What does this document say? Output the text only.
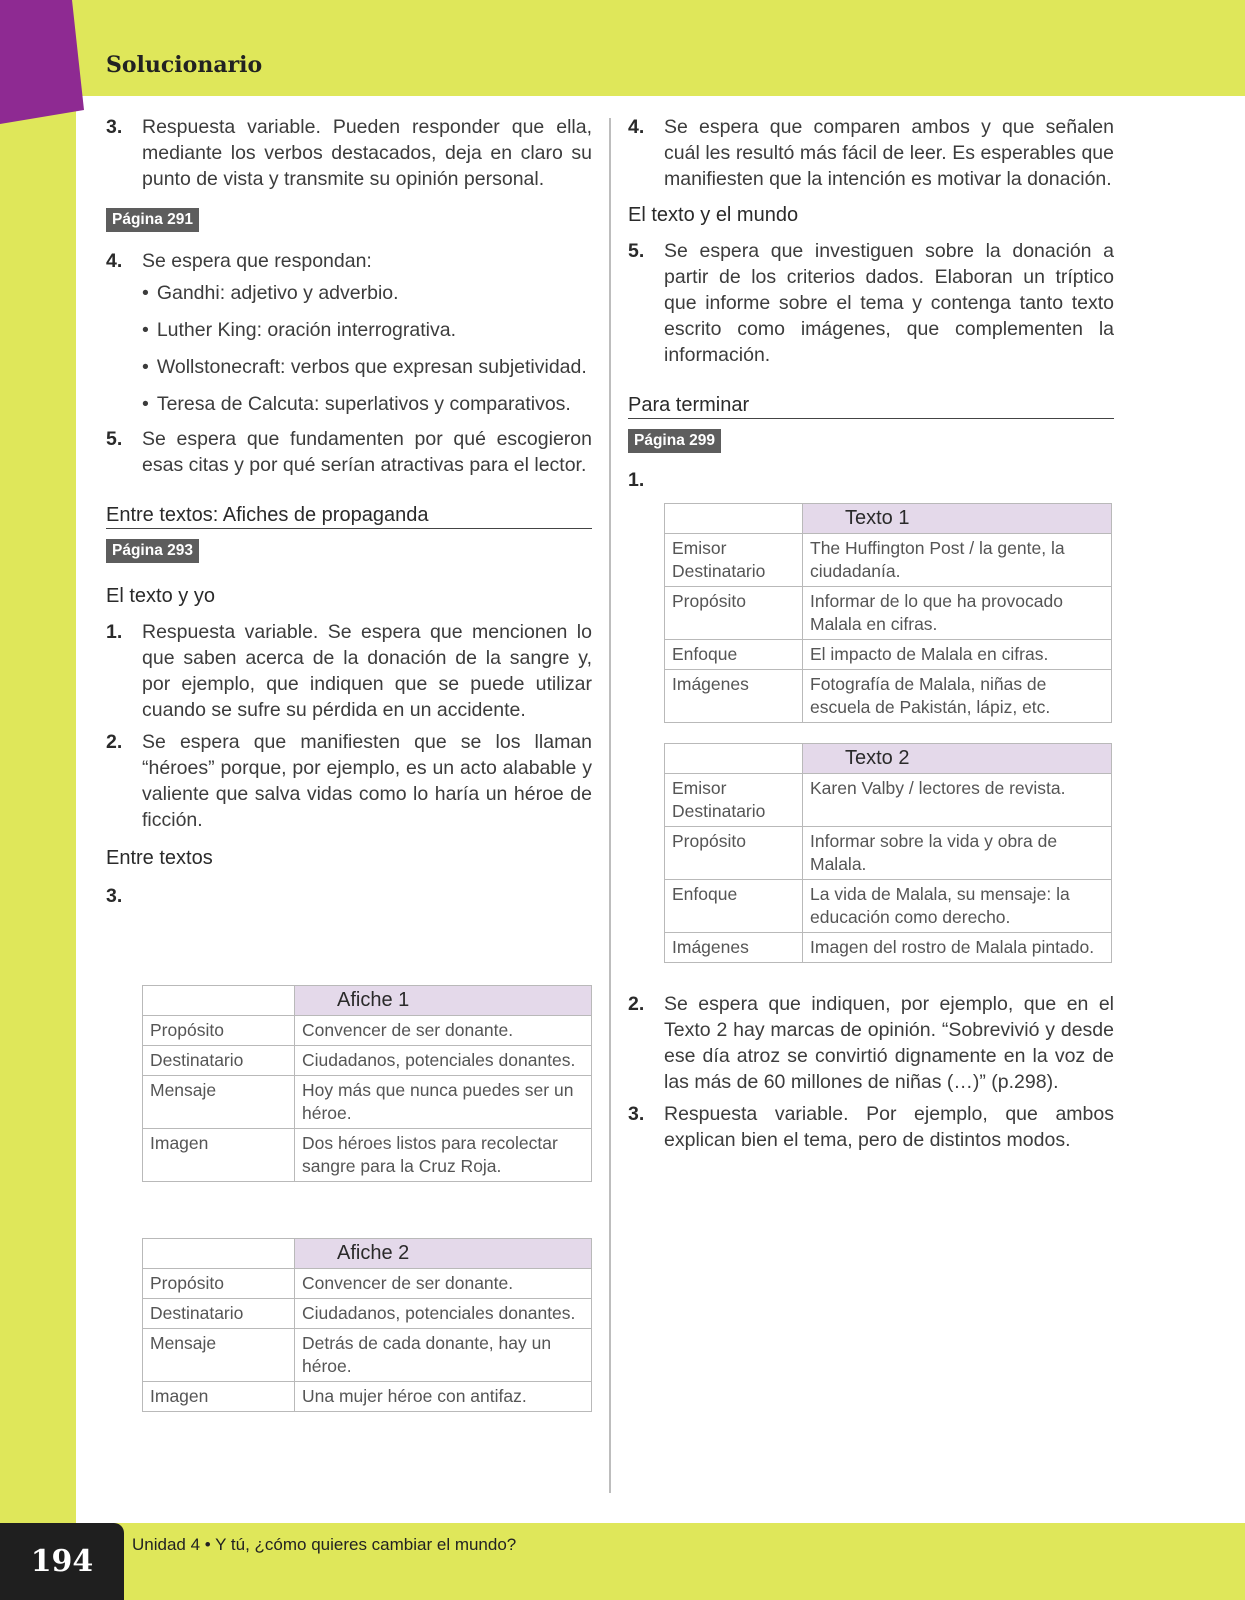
Solucionario
3.	Respuesta variable. Pueden responder que ella, mediante los verbos destacados, deja en claro su punto de vista y transmite su opinión personal.
Página 291
4.	Se espera que respondan:
• Gandhi: adjetivo y adverbio.
• Luther King: oración interrogrativa.
• Wollstonecraft: verbos que expresan subjetividad.
• Teresa de Calcuta: superlativos y comparativos.
5.	Se espera que fundamenten por qué escogieron esas citas y por qué serían atractivas para el lector.
Entre textos: Afiches de propaganda
Página 293
El texto y yo
1.	Respuesta variable. Se espera que mencionen lo que saben acerca de la donación de la sangre y, por ejemplo, que indiquen que se puede utilizar cuando se sufre su pérdida en un accidente.
2.	Se espera que manifiesten que se los llaman “héroes” porque, por ejemplo, es un acto alabable y valiente que salva vidas como lo haría un héroe de ficción.
Entre textos
3.
	Afiche 1
Propósito	Convencer de ser donante.
Destinatario	Ciudadanos, potenciales donantes.
Mensaje	Hoy más que nunca puedes ser un héroe.
Imagen	Dos héroes listos para recolectar sangre para la Cruz Roja.
	Afiche 2
Propósito	Convencer de ser donante.
Destinatario	Ciudadanos, potenciales donantes.
Mensaje	Detrás de cada donante, hay un héroe.
Imagen	Una mujer héroe con antifaz.
4.	Se espera que comparen ambos y que señalen cuál les resultó más fácil de leer. Es esperables que manifiesten que la intención es motivar la donación.
El texto y el mundo
5.	Se espera que investiguen sobre la donación a partir de los criterios dados. Elaboran un tríptico que informe sobre el tema y contenga tanto texto escrito como imágenes, que complementen la información.
Para terminar
Página 299
1.
	Texto 1
Emisor Destinatario	The Huffington Post / la gente, la ciudadanía.
Propósito	Informar de lo que ha provocado Malala en cifras.
Enfoque	El impacto de Malala en cifras.
Imágenes	Fotografía de Malala, niñas de escuela de Pakistán, lápiz, etc.
	Texto 2
Emisor Destinatario	Karen Valby / lectores de revista.
Propósito	Informar sobre la vida y obra de Malala.
Enfoque	La vida de Malala, su mensaje: la educación como derecho.
Imágenes	Imagen del rostro de Malala pintado.
2.	Se espera que indiquen, por ejemplo, que en el Texto 2 hay marcas de opinión. “Sobrevivió y desde ese día atroz se convirtió dignamente en la voz de las más de 60 millones de niñas (…)” (p.298).
3.	Respuesta variable. Por ejemplo, que ambos explican bien el tema, pero de distintos modos.
194	Unidad 4 • Y tú, ¿cómo quieres cambiar el mundo?
